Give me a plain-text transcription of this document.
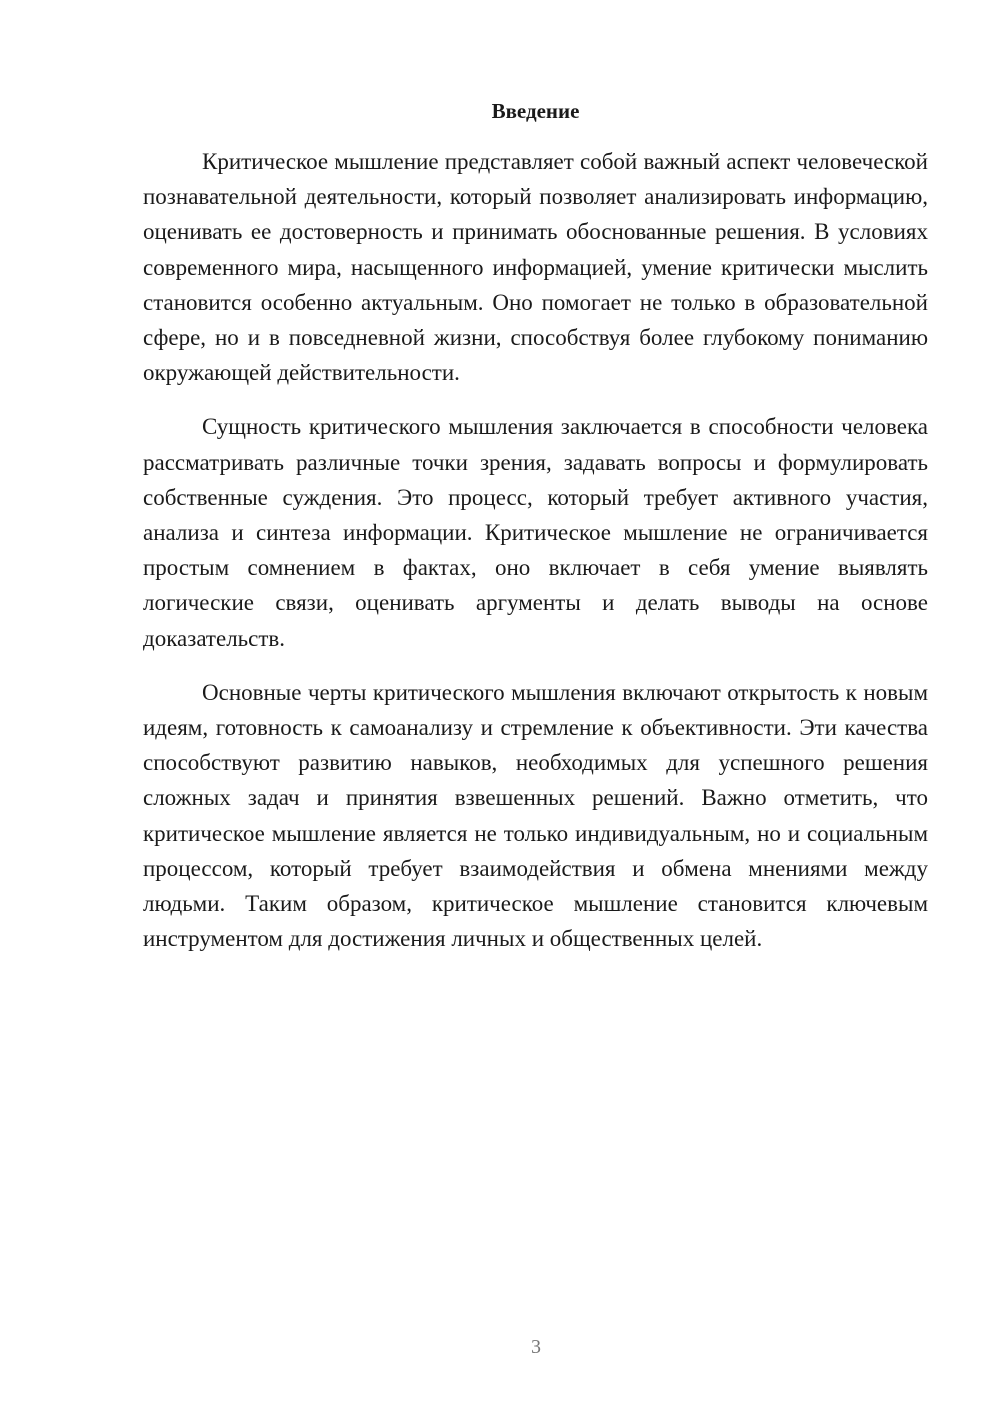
Введение

Критическое мышление представляет собой важный аспект человеческой познавательной деятельности, который позволяет анализировать информацию, оценивать ее достоверность и принимать обоснованные решения. В условиях современного мира, насыщенного информацией, умение критически мыслить становится особенно актуальным. Оно помогает не только в образовательной сфере, но и в повседневной жизни, способствуя более глубокому пониманию окружающей действительности.

Сущность критического мышления заключается в способности человека рассматривать различные точки зрения, задавать вопросы и формулировать собственные суждения. Это процесс, который требует активного участия, анализа и синтеза информации. Критическое мышление не ограничивается простым сомнением в фактах, оно включает в себя умение выявлять логические связи, оценивать аргументы и делать выводы на основе доказательств.

Основные черты критического мышления включают открытость к новым идеям, готовность к самоанализу и стремление к объективности. Эти качества способствуют развитию навыков, необходимых для успешного решения сложных задач и принятия взвешенных решений. Важно отметить, что критическое мышление является не только индивидуальным, но и социальным процессом, который требует взаимодействия и обмена мнениями между людьми. Таким образом, критическое мышление становится ключевым инструментом для достижения личных и общественных целей.

3
